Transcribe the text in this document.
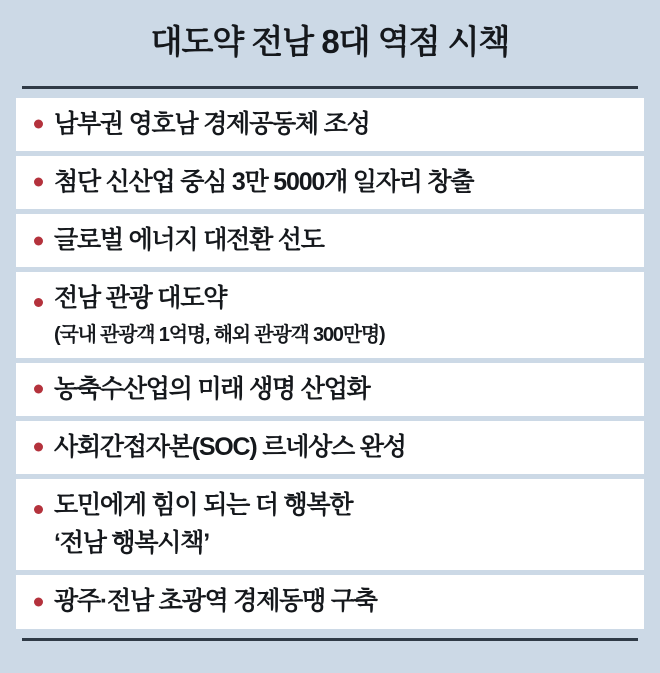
대도약 전남 8대 역점 시책
남부권 영호남 경제공동체 조성
첨단 신산업 중심 3만 5000개 일자리 창출
글로벌 에너지 대전환 선도
전남 관광 대도약
(국내 관광객 1억명, 해외 관광객 300만명)
농축수산업의 미래 생명 산업화
사회간접자본(SOC) 르네상스 완성
도민에게 힘이 되는 더 행복한
‘전남 행복시책’
광주·전남 초광역 경제동맹 구축
